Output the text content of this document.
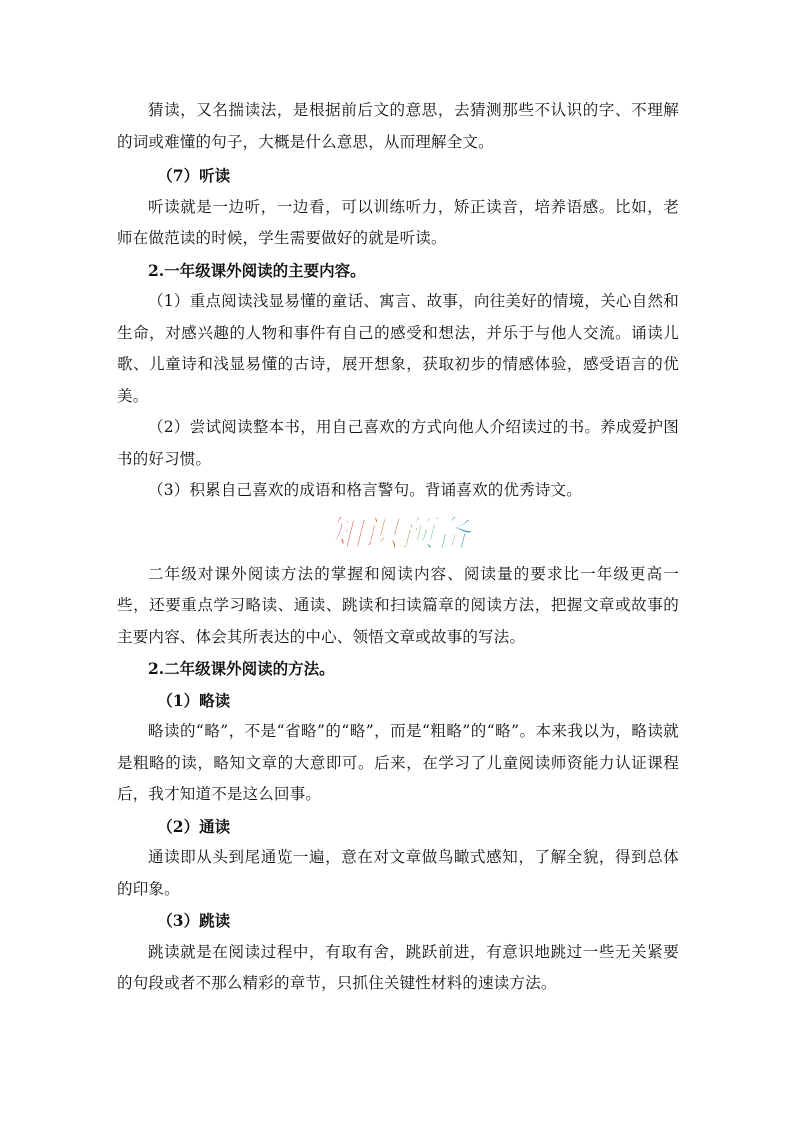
猜读，又名揣读法，是根据前后文的意思，去猜测那些不认识的字、不理解的词或难懂的句子，大概是什么意思，从而理解全文。

（7）听读

听读就是一边听，一边看，可以训练听力，矫正读音，培养语感。比如，老师在做范读的时候，学生需要做好的就是听读。

2.一年级课外阅读的主要内容。

（1）重点阅读浅显易懂的童话、寓言、故事，向往美好的情境，关心自然和生命，对感兴趣的人物和事件有自己的感受和想法，并乐于与他人交流。诵读儿歌、儿童诗和浅显易懂的古诗，展开想象，获取初步的情感体验，感受语言的优美。

（2）尝试阅读整本书，用自己喜欢的方式向他人介绍读过的书。养成爱护图书的好习惯。

（3）积累自己喜欢的成语和格言警句。背诵喜欢的优秀诗文。

知识预备

二年级对课外阅读方法的掌握和阅读内容、阅读量的要求比一年级更高一些，还要重点学习略读、通读、跳读和扫读篇章的阅读方法，把握文章或故事的主要内容、体会其所表达的中心、领悟文章或故事的写法。

2.二年级课外阅读的方法。

（1）略读

略读的“略”，不是“省略”的“略”，而是“粗略”的“略”。本来我以为，略读就是粗略的读，略知文章的大意即可。后来，在学习了儿童阅读师资能力认证课程后，我才知道不是这么回事。

（2）通读

通读即从头到尾通览一遍，意在对文章做鸟瞰式感知，了解全貌，得到总体的印象。

（3）跳读

跳读就是在阅读过程中，有取有舍，跳跃前进，有意识地跳过一些无关紧要的句段或者不那么精彩的章节，只抓住关键性材料的速读方法。
